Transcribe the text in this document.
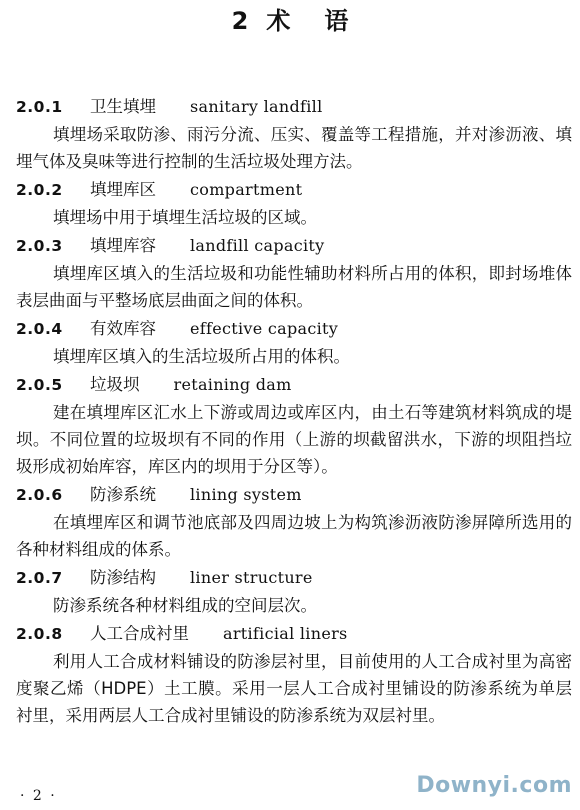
2 术 语
2.0.1 卫生填埋 sanitary landfill

填埋场采取防渗、雨污分流、压实、覆盖等工程措施，并对渗沥液、填埋气体及臭味等进行控制的生活垃圾处理方法。

2.0.2 填埋库区 compartment

填埋场中用于填埋生活垃圾的区域。

2.0.3 填埋库容 landfill capacity

填埋库区填入的生活垃圾和功能性辅助材料所占用的体积，即封场堆体表层曲面与平整场底层曲面之间的体积。

2.0.4 有效库容 effective capacity

填埋库区填入的生活垃圾所占用的体积。

2.0.5 垃圾坝 retaining dam

建在填埋库区汇水上下游或周边或库区内，由土石等建筑材料筑成的堤坝。不同位置的垃圾坝有不同的作用（上游的坝截留洪水，下游的坝阻挡垃圾形成初始库容，库区内的坝用于分区等）。

2.0.6 防渗系统 lining system

在填埋库区和调节池底部及四周边坡上为构筑渗沥液防渗屏障所选用的各种材料组成的体系。

2.0.7 防渗结构 liner structure

防渗系统各种材料组成的空间层次。

2.0.8 人工合成衬里 artificial liners

利用人工合成材料铺设的防渗层衬里，目前使用的人工合成衬里为高密度聚乙烯（HDPE）土工膜。采用一层人工合成衬里铺设的防渗系统为单层衬里，采用两层人工合成衬里铺设的防渗系统为双层衬里。

· 2 ·	Downyi.com
